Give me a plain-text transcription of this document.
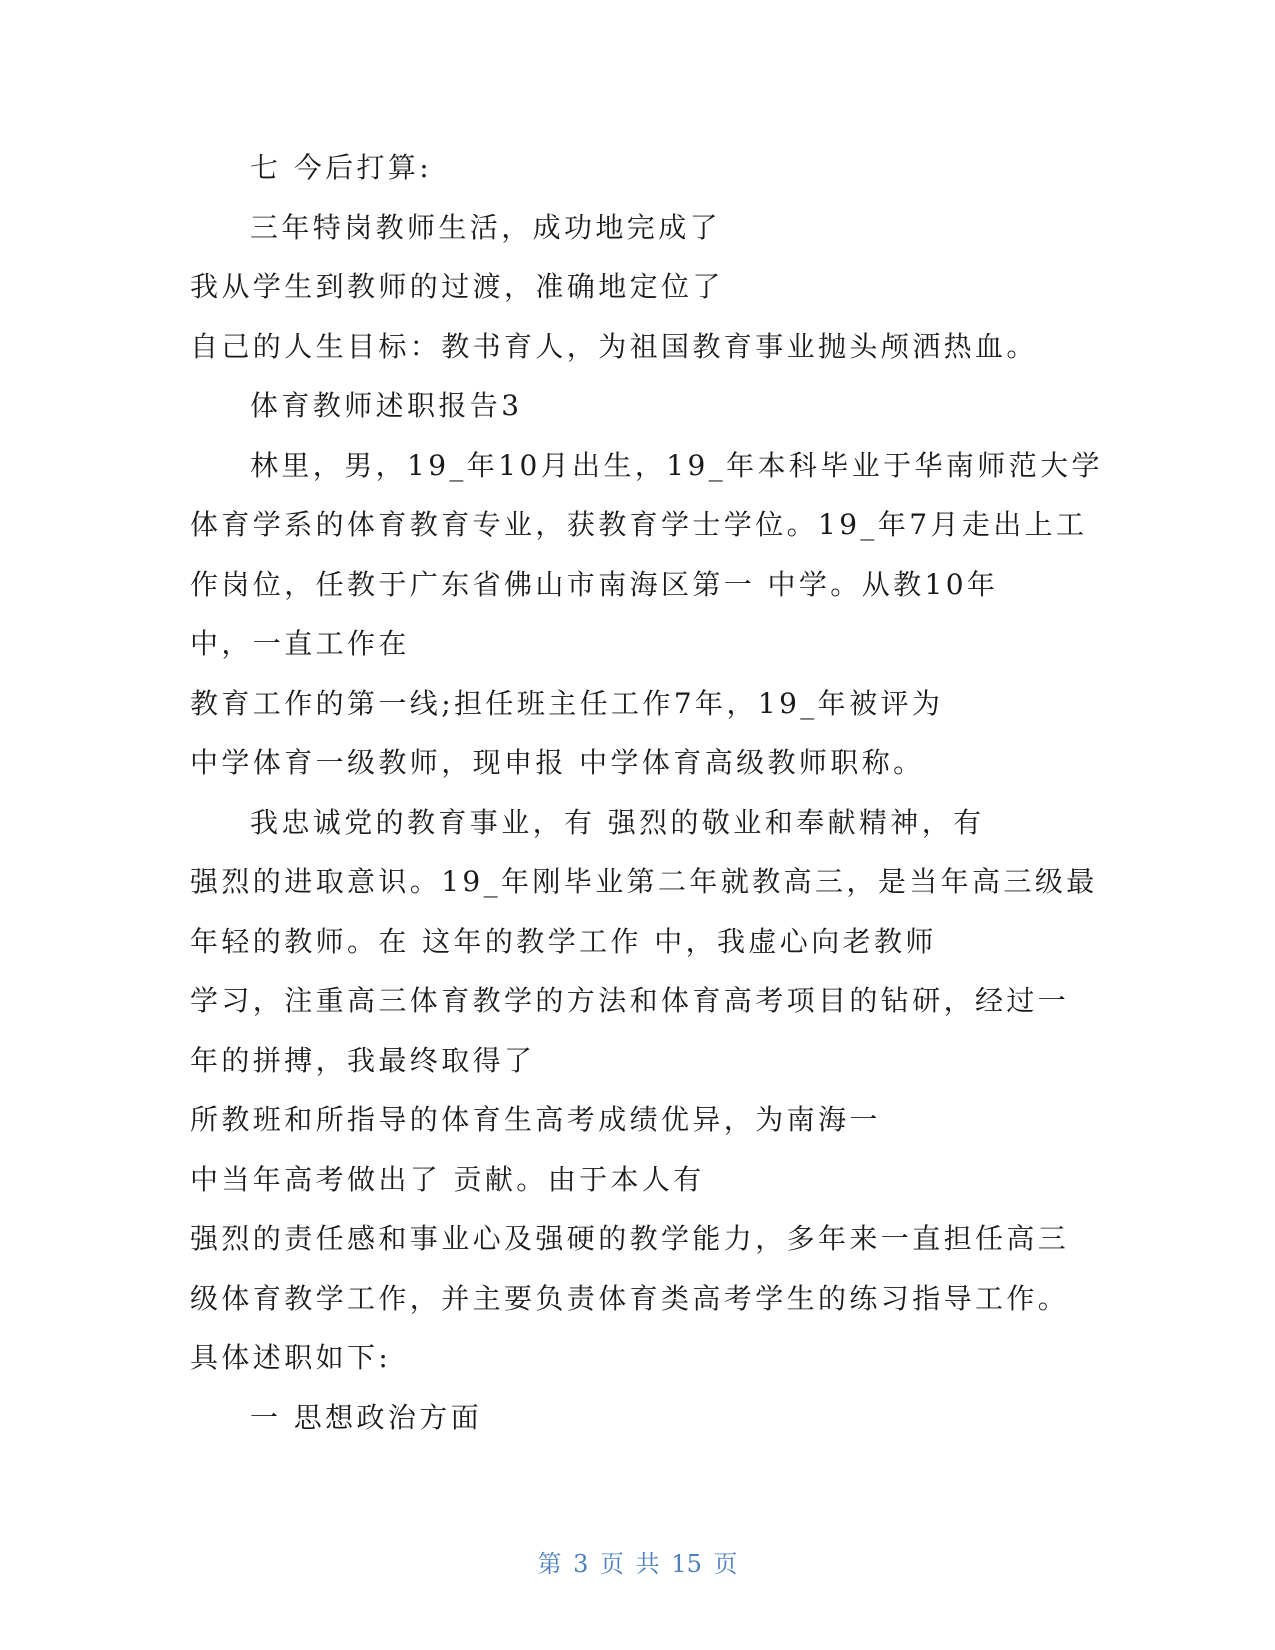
七 今后打算:
三年特岗教师生活，成功地完成了
我从学生到教师的过渡，准确地定位了
自己的人生目标：教书育人，为祖国教育事业抛头颅洒热血。
体育教师述职报告3
林里，男，19_年10月出生，19_年本科毕业于华南师范大学
体育学系的体育教育专业，获教育学士学位。19_年7月走出上工
作岗位，任教于广东省佛山市南海区第一 中学。从教10年
中，一直工作在
教育工作的第一线;担任班主任工作7年，19_年被评为
中学体育一级教师，现申报 中学体育高级教师职称。
我忠诚党的教育事业，有 强烈的敬业和奉献精神，有
强烈的进取意识。19_年刚毕业第二年就教高三，是当年高三级最
年轻的教师。在 这年的教学工作 中，我虚心向老教师
学习，注重高三体育教学的方法和体育高考项目的钻研，经过一
年的拼搏，我最终取得了
所教班和所指导的体育生高考成绩优异，为南海一
中当年高考做出了 贡献。由于本人有
强烈的责任感和事业心及强硬的教学能力，多年来一直担任高三
级体育教学工作，并主要负责体育类高考学生的练习指导工作。
具体述职如下:
一 思想政治方面
第 3 页 共 15 页
